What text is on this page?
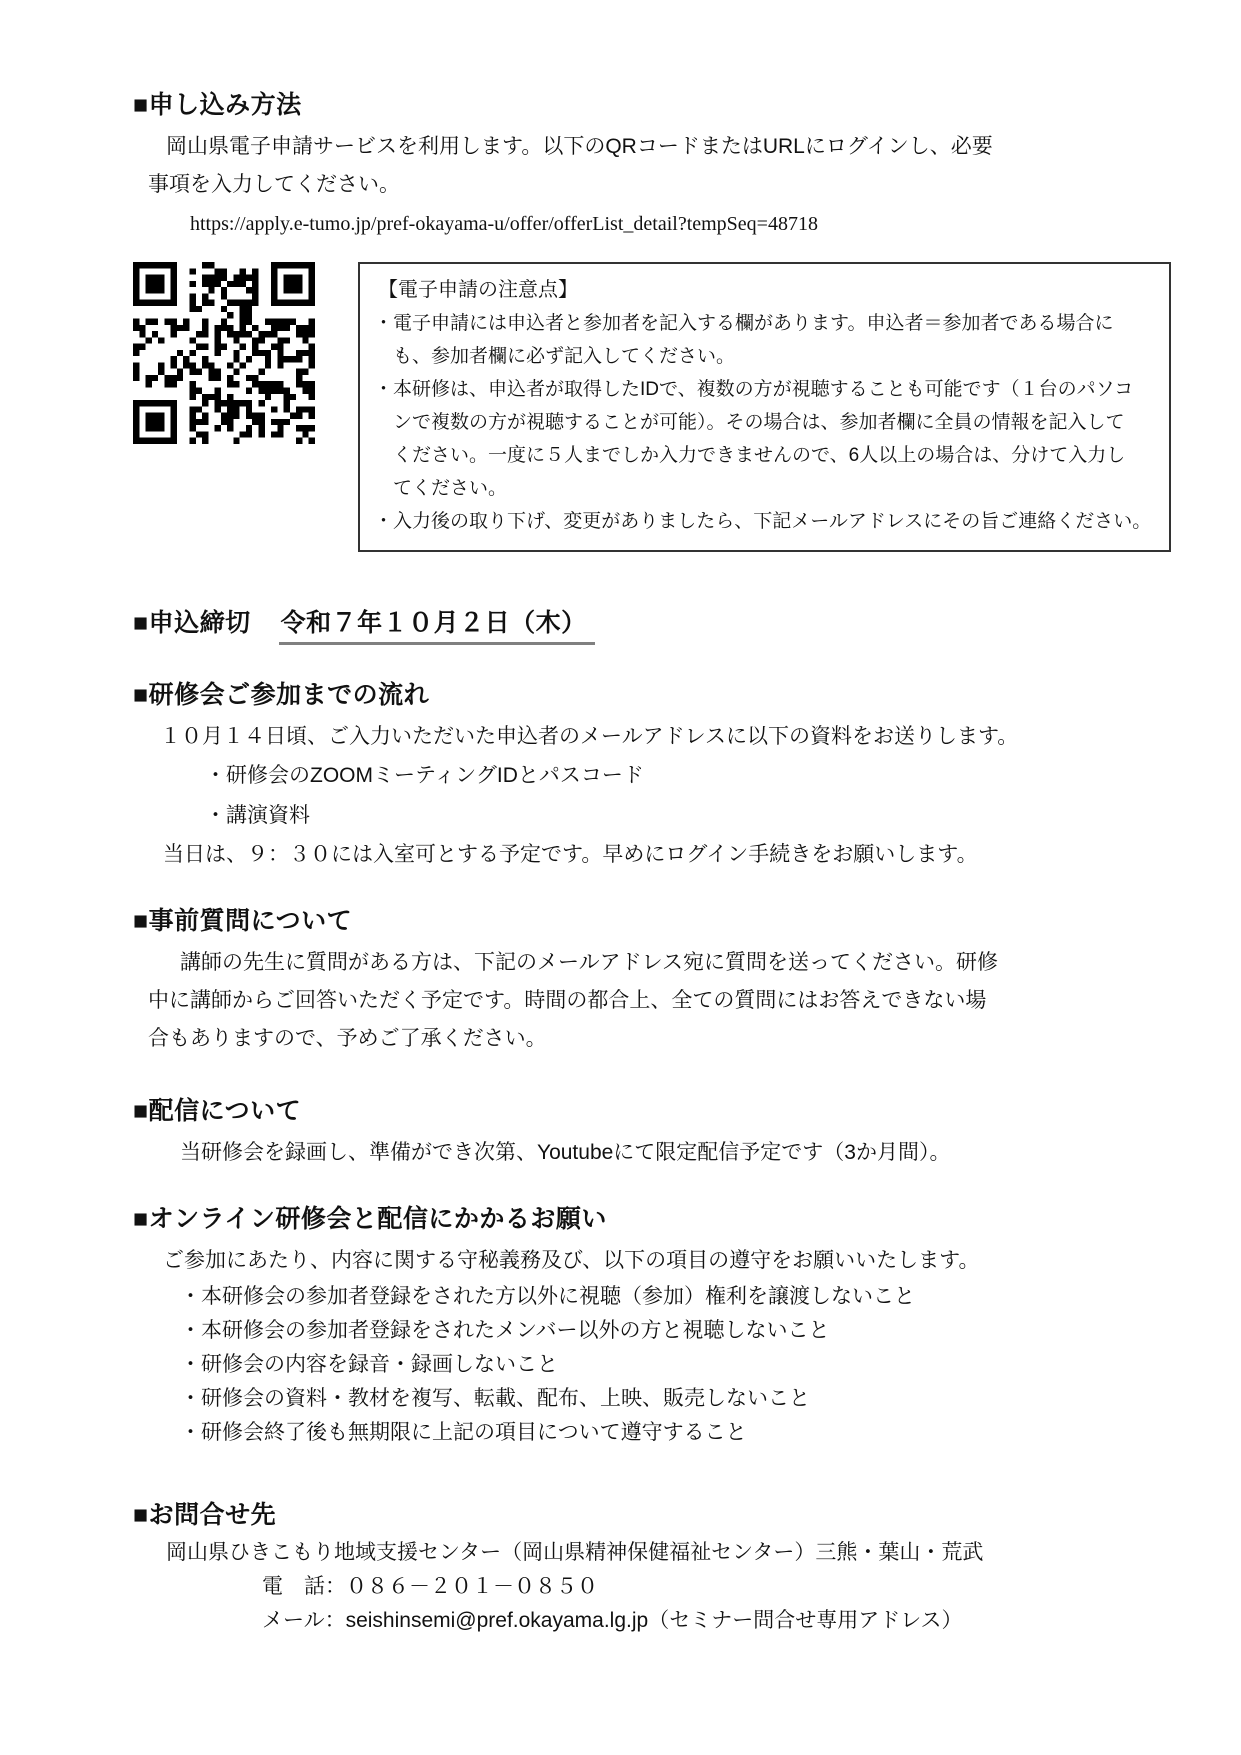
■申し込み方法
岡山県電子申請サービスを利用します。以下のQRコードまたはURLにログインし、必要
事項を入力してください。
https://apply.e-tumo.jp/pref-okayama-u/offer/offerList_detail?tempSeq=48718
【電子申請の注意点】
・電子申請には申込者と参加者を記入する欄があります。申込者＝参加者である場合に
も、参加者欄に必ず記入してください。
・本研修は、申込者が取得したIDで、複数の方が視聴することも可能です（１台のパソコ
ンで複数の方が視聴することが可能）。その場合は、参加者欄に全員の情報を記入して
ください。一度に５人までしか入力できませんので、6人以上の場合は、分けて入力し
てください。
・入力後の取り下げ、変更がありましたら、下記メールアドレスにその旨ご連絡ください。
■申込締切 令和７年１０月２日（木）
■研修会ご参加までの流れ
１０月１４日頃、ご入力いただいた申込者のメールアドレスに以下の資料をお送りします。
・研修会のZOOMミーティングIDとパスコード
・講演資料
当日は、９：３０には入室可とする予定です。早めにログイン手続きをお願いします。
■事前質問について
講師の先生に質問がある方は、下記のメールアドレス宛に質問を送ってください。研修
中に講師からご回答いただく予定です。時間の都合上、全ての質問にはお答えできない場
合もありますので、予めご了承ください。
■配信について
当研修会を録画し、準備ができ次第、Youtubeにて限定配信予定です（3か月間）。
■オンライン研修会と配信にかかるお願い
ご参加にあたり、内容に関する守秘義務及び、以下の項目の遵守をお願いいたします。
・本研修会の参加者登録をされた方以外に視聴（参加）権利を譲渡しないこと
・本研修会の参加者登録をされたメンバー以外の方と視聴しないこと
・研修会の内容を録音・録画しないこと
・研修会の資料・教材を複写、転載、配布、上映、販売しないこと
・研修会終了後も無期限に上記の項目について遵守すること
■お問合せ先
岡山県ひきこもり地域支援センター（岡山県精神保健福祉センター）三熊・葉山・荒武
電　話：０８６－２０１－０８５０
メール：seishinsemi@pref.okayama.lg.jp（セミナー問合せ専用アドレス）
